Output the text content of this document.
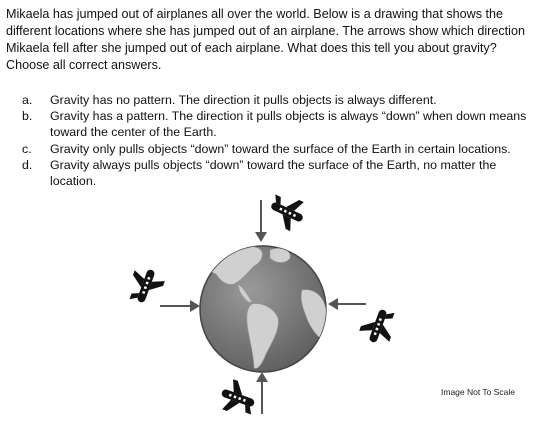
Mikaela has jumped out of airplanes all over the world. Below is a drawing that shows the different locations where she has jumped out of an airplane. The arrows show which direction Mikaela fell after she jumped out of each airplane. What does this tell you about gravity? Choose all correct answers.
a.	Gravity has no pattern. The direction it pulls objects is always different.
b.	Gravity has a pattern. The direction it pulls objects is always “down” when down means toward the center of the Earth.
c.	Gravity only pulls objects “down” toward the surface of the Earth in certain locations.
d.	Gravity always pulls objects “down” toward the surface of the Earth, no matter the location.
Image Not To Scale
